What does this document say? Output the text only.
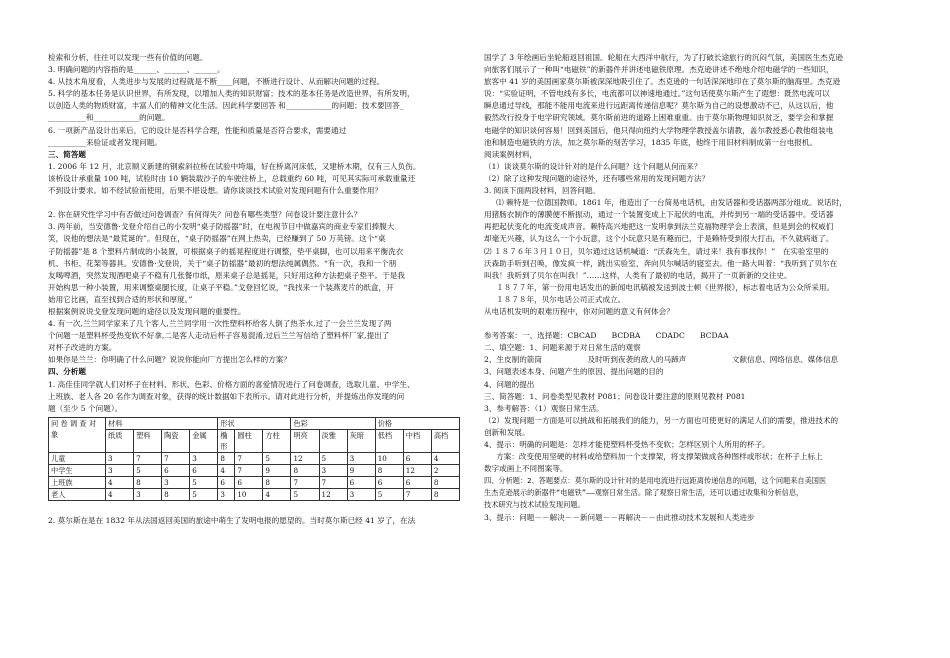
检索和分析，往往可以发现一些有价值的问题。

3. 明确问题的内容指的是______、______、______。

4. 从技术角度看，人类进步与发展的过程就是不断____问题，不断进行设计、从而解决问题的过程。

5. 科学的基本任务是认识世界，有所发现，以增加人类的知识财富；技术的基本任务是改造世界，有所发明，

以创造人类的物质财富，丰富人们的精神文化生活。因此科学要回答 和____________的问题；技术要回答_

__________和____________的问题。

6. 一项新产品设计出来后，它的设计是否科学合理，性能和质量是否符合要求，需要通过

__________来验证或者发现问题。

三、简答题

1. 2006 年 12 月，北京顺义新建的钢索斜拉桥在试验中垮塌，好在桥离河床低，又建桥木期，仅有三人负伤。

该桥设计承重量 100 吨，试验时由 10 辆装载沙子的车驶往桥上，总载重约 60 吨，可见其实际可承载重量还

不到设计要求。如不经试验而使用，后果不堪设想。请你谈谈技术试验对发现问题有什么重要作用？

2. 你在研究性学习中有否做过问卷调查？有何得失？问卷有哪些类型？问卷设计要注意什么？

3. 两年前，当安德鲁·戈登介绍自己的小发明“桌子防摇器”时，在电视节目中做嘉宾的商业专家们捧腹大

笑，说他的想法是“最荒诞的”。但现在，“桌子防摇器”在网上热卖，已经赚到了 50 万英镑。这个“桌

子防摇器”是 8 个塑料片制成的小装置，可根据桌子的摇晃程度进行调整，垫平桌脚，也可以用来平衡洗衣

机、书柜、花架等器具。安德鲁·戈登说，关于“桌子防摇器”最初的想法纯属偶然。“有一次，我和一个朋

友喝啤酒，突然发现酒吧桌子不稳有几张餐巾纸，原来桌子总是摇晃，只好用这种方法把桌子垫平。于是我

开始构思一种小装置，用来调整桌腿长度，让桌子平稳。”戈登回忆说，“我找来一个装燕麦片的纸盒，开

始用它比画，直至找到合适的形状和厚度。”

根据案例说说戈登发现问题的途径以及发现问题的重要性。

4. 有一次,兰兰同学家来了几个客人,兰兰同学用一次性塑料杯给客人倒了热茶水,过了一会兰兰发现了两

个问题一是塑料杯受热变软不好拿,二是客人走动后杯子容易混淆,过后兰兰写信给了塑料杯厂家,提出了

对杯子改进的方案。

如果你是兰兰：你明确了什么问题？说说你能向厂方提出怎么样的方案？

四、分析题

1. 高佳佳同学就人们对杯子在材料、形状、色彩、价格方面的喜爱情况进行了问卷调查，选取儿童、中学生、

上班族、老人各 20 名作为调查对象，获得的统计数据如下表所示。请对此进行分析，并提炼出你发现的问

题（至少 5 个问题）。

问 卷 调 查 对
象	材料				形状			色彩			价格		
	纸质	塑料	陶瓷	金属	椭形	圆柱	方柱	明亮	淡雅	灰暗	低档	中档	高档
儿童	3	7	7	3	8	7	5	12	5	3	10	6	4
中学生	3	5	6	6	4	7	9	8	3	9	8	12	2
上班族	4	8	3	5	6	6	8	7	7	6	6	6	8
老人	4	3	8	5	3	10	4	5	12	3	5	7	8

2. 莫尔斯在是在 1832 年从法国返回美国的旅途中萌生了发明电报的愿望的。当时莫尔斯已经 41 岁了，在法

国学了 3 年绘画后坐轮船返回祖国。轮船在大西洋中航行，为了打破长途旅行的沉闷气氛，美国医生杰克逊

向旅客们展示了一种叫“电磁铁”的新器件并讲述电磁铁原理。杰克逊讲述不绝地介绍电磁学的一些知识，

旅客中 41 岁的美国画家莫尔斯被深深地吸引住了。杰克逊的一句话深深地印在了莫尔斯的脑海里。杰克逊

说：“实验证明，不管电线有多长，电流都可以神速地通过。”这句话使莫尔斯产生了遐想：既然电流可以

瞬息通过导线，那能不能用电流来进行远距离传递信息呢？莫尔斯为自己的设想激动不已，从这以后，他

毅然改行投身于电学研究领域。莫尔斯前进的道路上困难重重。由于莫尔斯物理知识贫乏，要学会和掌握

电磁学的知识谈何容易！回到美国后，他只得向纽约大学物理学教授盖尔请教，盖尔教授悉心教他组装电

池和制造电磁铁的方法，加之莫尔斯的刻苦学习，1835 年底，他终于用旧材料制成第一台电报机。

阅读案例材料，

（1）谈谈莫尔斯的设计针对的是什么问题？这个问题从何而来？

（2）除了这种发现问题的途径外，还有哪些常用的发现问题方法？

3. 阅读下面两段材料，回答问题。

⑴ 赖特是一位德国教师。1861 年，他造出了一台简易电话机，由发话器和受话器两部分组成。说话时，

用猪肠衣制作的薄膜便不断振动，通过一个装置变成上下起伏的电流，并传到另一端的受话器中。受话器

再把起伏变化的电流变成声音。赖特高兴地把这一发明拿到法兰克福物理学会上表演，但是到会的权威们

却毫无兴趣，认为这么一个小玩意，这个小玩意只是有趣而已，于是赖特受到很大打击，不久就病逝了。

⑵ １８７６年３月１０日，贝尔通过这话机喊道：“沃森先生，请过来！我有事找你！”　在实验室里的

沃森助手听到召唤，像发疯一样，跳出实验室，奔向贝尔喊话的寝室去。他一路大叫着：“我听到了贝尔在

叫我！我听到了贝尔在叫我！”……这样，人类有了最初的电话，揭开了一页新新的交往史。

１８７７年，第一份用电话发出的新闻电讯稿被发送到波士顿《世界报》，标志着电话为公众所采用。

１８７８年，贝尔电话公司正式成立。

从电话机发明的艰难历程中，你对问题的意义有何体会？

参考答案：一、选择题：CBCAD　　BCDBA　　CDADC　　BCDAA

二、填空题：1、问题来源于对日常生活的观察

2、生皮制的箭筒　　　　　　及时听到夜袭的敌人的马蹄声　　　　　　文献信息、网络信息、媒体信息

3、问题表述本身、问题产生的原因、提出问题的目的

4、问题的提出

三、简答题：1、问卷类型见教材 P081；问卷设计要注意的原则见教材 P081

3、参考解答：（1）观察日常生活。

（2）发现问题一方面是可以挑战和拓展我们的能力，另一方面也可使更好的满足人们的需要，推进技术的

创新和发展。

4、提示：明确的问题是：怎样才能使塑料杯受热不变软；怎样区别个人所用的杯子。

方案：改变使用坚硬的材料或给塑料加一个支撑架，将支撑架做成各种图样或形状；在杯子上标上

数字或画上不同图案等。

四、分析题：2、答题要点：莫尔斯的设计针对的是用电流进行远距离传递信息的问题，这个问题来自美国医

生杰克逊展示的新器件“电磁铁”——观察日常生活。除了观察日常生活，还可以通过收集和分析信息，

技术研究与技术试验发现问题。

3、提示：问题－－解决－－新问题－－再解决－－由此推动技术发展和人类进步
